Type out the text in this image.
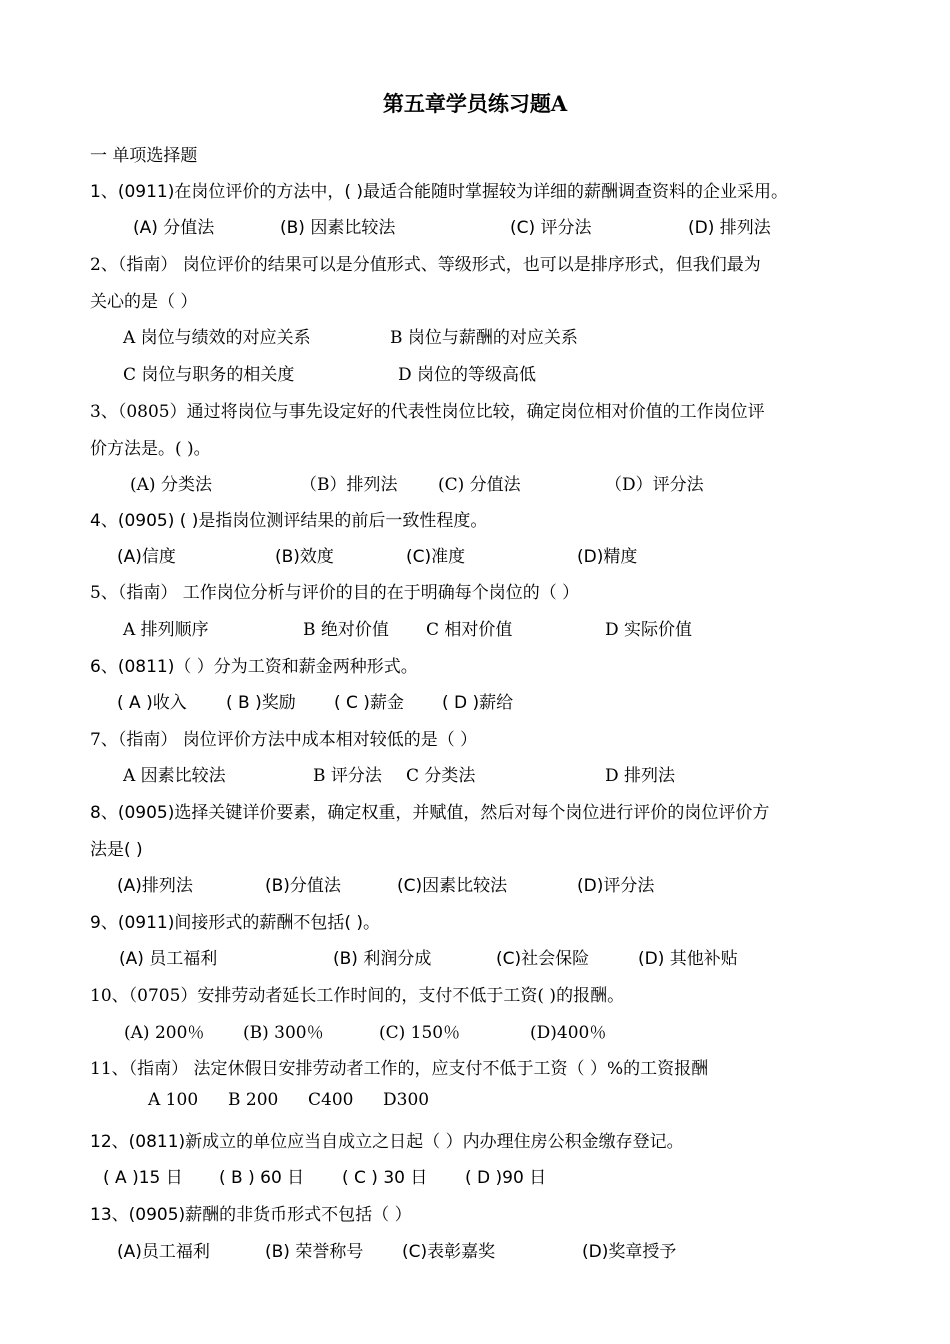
第五章学员练习题A
一 单项选择题
1、(0911)在岗位评价的方法中，( )最适合能随时掌握较为详细的薪酬调查资料的企业采用。
(A) 分值法	(B) 因素比较法	(C) 评分法	(D) 排列法
2、（指南） 岗位评价的结果可以是分值形式、等级形式，也可以是排序形式，但我们最为
关心的是（ ）
A 岗位与绩效的对应关系	B 岗位与薪酬的对应关系
C 岗位与职务的相关度	D 岗位的等级高低
3、（0805）通过将岗位与事先设定好的代表性岗位比较，确定岗位相对价值的工作岗位评
价方法是。( )。
(A) 分类法	（B）排列法 (C) 分值法	（D）评分法
4、(0905) ( )是指岗位测评结果的前后一致性程度。
(A)信度	(B)效度	(C)准度	(D)精度
5、（指南） 工作岗位分析与评价的目的在于明确每个岗位的（ ）
A 排列顺序	B 绝对价值 C 相对价值	D 实际价值
6、(0811)（ ）分为工资和薪金两种形式。
( A )收入 ( B )奖励 ( C )薪金 ( D )薪给
7、（指南） 岗位评价方法中成本相对较低的是（ ）
A 因素比较法	B 评分法 C 分类法	D 排列法
8、(0905)选择关键详价要素，确定权重，并赋值，然后对每个岗位进行评价的岗位评价方
法是( )
(A)排列法	(B)分值法	(C)因素比较法	(D)评分法
9、(0911)间接形式的薪酬不包括( )。
(A) 员工福利	(B) 利润分成	(C)社会保险	(D) 其他补贴
10、（0705）安排劳动者延长工作时间的，支付不低于工资( )的报酬。
(A) 200％ (B) 300％	(C) 150％	(D)400％
11、（指南） 法定休假日安排劳动者工作的，应支付不低于工资（ ）%的工资报酬
A 100 B 200 C400 D300
12、(0811)新成立的单位应当自成立之日起（ ）内办理住房公积金缴存登记。
( A )15 日 ( B ) 60 日 ( C ) 30 日 ( D )90 日
13、(0905)薪酬的非货币形式不包括（ ）
(A)员工福利	(B) 荣誉称号 (C)表彰嘉奖	(D)奖章授予
